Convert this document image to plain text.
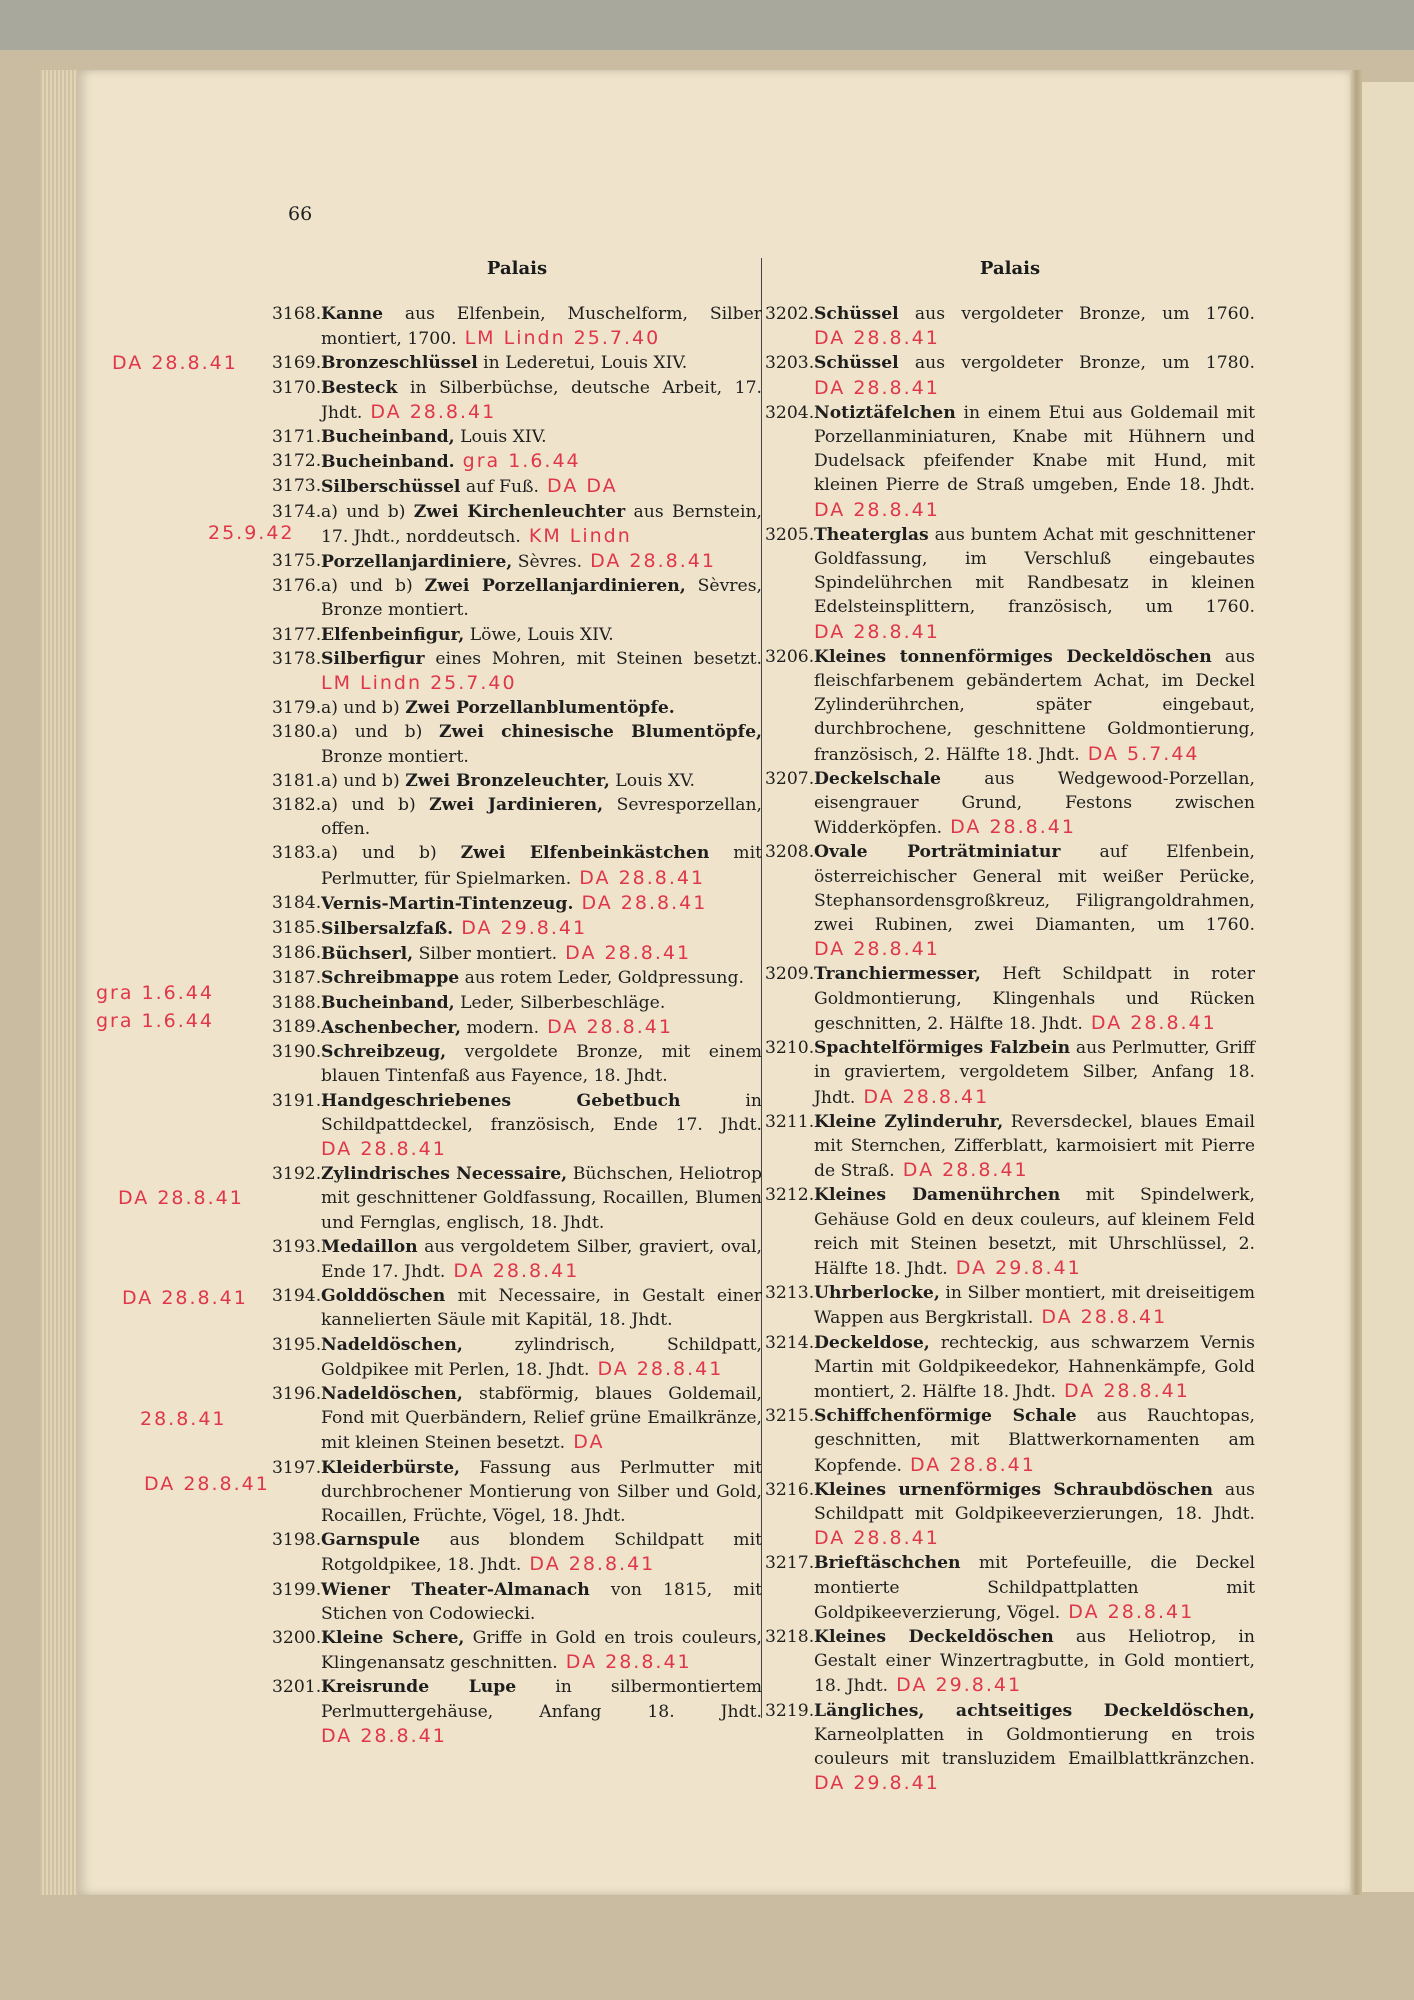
66
Palais
3168. Kanne aus Elfenbein, Muschelform, Silber montiert, 1700. LM Lindn 25.7.40
3169. Bronzeschlüssel in Lederetui, Louis XIV.
3170. Besteck in Silberbüchse, deutsche Arbeit, 17. Jhdt. DA 28.8.41
3171. Bucheinband, Louis XIV.
3172. Bucheinband. gra 1.6.44
3173. Silberschüssel auf Fuß. DA DA
3174. a) und b) Zwei Kirchenleuchter aus Bernstein, 17. Jhdt., norddeutsch. KM Lindn
3175. Porzellanjardiniere, Sèvres. DA 28.8.41
3176. a) und b) Zwei Porzellanjardinieren, Sèvres, Bronze montiert.
3177. Elfenbeinfigur, Löwe, Louis XIV.
3178. Silberfigur eines Mohren, mit Steinen besetzt. LM Lindn 25.7.40
3179. a) und b) Zwei Porzellanblumentöpfe.
3180. a) und b) Zwei chinesische Blumentöpfe, Bronze montiert.
3181. a) und b) Zwei Bronzeleuchter, Louis XV.
3182. a) und b) Zwei Jardinieren, Sevresporzellan, offen.
3183. a) und b) Zwei Elfenbeinkästchen mit Perlmutter, für Spielmarken. DA 28.8.41
3184. Vernis-Martin-Tintenzeug. DA 28.8.41
3185. Silbersalzfaß. DA 29.8.41
3186. Büchserl, Silber montiert. DA 28.8.41
3187. Schreibmappe aus rotem Leder, Goldpressung.
3188. Bucheinband, Leder, Silberbeschläge.
3189. Aschenbecher, modern. DA 28.8.41
3190. Schreibzeug, vergoldete Bronze, mit einem blauen Tintenfaß aus Fayence, 18. Jhdt.
3191. Handgeschriebenes Gebetbuch in Schildpattdeckel, französisch, Ende 17. Jhdt. DA 28.8.41
3192. Zylindrisches Necessaire, Büchschen, Heliotrop mit geschnittener Goldfassung, Rocaillen, Blumen und Fernglas, englisch, 18. Jhdt.
3193. Medaillon aus vergoldetem Silber, graviert, oval, Ende 17. Jhdt. DA 28.8.41
3194. Golddöschen mit Necessaire, in Gestalt einer kannelierten Säule mit Kapitäl, 18. Jhdt.
3195. Nadeldöschen, zylindrisch, Schildpatt, Goldpikee mit Perlen, 18. Jhdt. DA 28.8.41
3196. Nadeldöschen, stabförmig, blaues Goldemail, Fond mit Querbändern, Relief grüne Emailkränze, mit kleinen Steinen besetzt. DA
3197. Kleiderbürste, Fassung aus Perlmutter mit durchbrochener Montierung von Silber und Gold, Rocaillen, Früchte, Vögel, 18. Jhdt.
3198. Garnspule aus blondem Schildpatt mit Rotgoldpikee, 18. Jhdt. DA 28.8.41
3199. Wiener Theater-Almanach von 1815, mit Stichen von Codowiecki.
3200. Kleine Schere, Griffe in Gold en trois couleurs, Klingenansatz geschnitten. DA 28.8.41
3201. Kreisrunde Lupe in silbermontiertem Perlmuttergehäuse, Anfang 18. Jhdt. DA 28.8.41
Palais
3202. Schüssel aus vergoldeter Bronze, um 1760. DA 28.8.41
3203. Schüssel aus vergoldeter Bronze, um 1780. DA 28.8.41
3204. Notiztäfelchen in einem Etui aus Goldemail mit Porzellanminiaturen, Knabe mit Hühnern und Dudelsack pfeifender Knabe mit Hund, mit kleinen Pierre de Straß umgeben, Ende 18. Jhdt. DA 28.8.41
3205. Theaterglas aus buntem Achat mit geschnittener Goldfassung, im Verschluß eingebautes Spindelührchen mit Randbesatz in kleinen Edelsteinsplittern, französisch, um 1760. DA 28.8.41
3206. Kleines tonnenförmiges Deckeldöschen aus fleischfarbenem gebändertem Achat, im Deckel Zylinderührchen, später eingebaut, durchbrochene, geschnittene Goldmontierung, französisch, 2. Hälfte 18. Jhdt. DA 5.7.44
3207. Deckelschale aus Wedgewood-Porzellan, eisengrauer Grund, Festons zwischen Widderköpfen. DA 28.8.41
3208. Ovale Porträtminiatur auf Elfenbein, österreichischer General mit weißer Perücke, Stephansordensgroßkreuz, Filigrangoldrahmen, zwei Rubinen, zwei Diamanten, um 1760. DA 28.8.41
3209. Tranchiermesser, Heft Schildpatt in roter Goldmontierung, Klingenhals und Rücken geschnitten, 2. Hälfte 18. Jhdt. DA 28.8.41
3210. Spachtelförmiges Falzbein aus Perlmutter, Griff in graviertem, vergoldetem Silber, Anfang 18. Jhdt. DA 28.8.41
3211. Kleine Zylinderuhr, Reversdeckel, blaues Email mit Sternchen, Zifferblatt, karmoisiert mit Pierre de Straß. DA 28.8.41
3212. Kleines Damenührchen mit Spindelwerk, Gehäuse Gold en deux couleurs, auf kleinem Feld reich mit Steinen besetzt, mit Uhrschlüssel, 2. Hälfte 18. Jhdt. DA 29.8.41
3213. Uhrberlocke, in Silber montiert, mit dreiseitigem Wappen aus Bergkristall. DA 28.8.41
3214. Deckeldose, rechteckig, aus schwarzem Vernis Martin mit Goldpikeedekor, Hahnenkämpfe, Gold montiert, 2. Hälfte 18. Jhdt. DA 28.8.41
3215. Schiffchenförmige Schale aus Rauchtopas, geschnitten, mit Blattwerkornamenten am Kopfende. DA 28.8.41
3216. Kleines urnenförmiges Schraubdöschen aus Schildpatt mit Goldpikeeverzierungen, 18. Jhdt. DA 28.8.41
3217. Brieftäschchen mit Portefeuille, die Deckel montierte Schildpattplatten mit Goldpikeeverzierung, Vögel. DA 28.8.41
3218. Kleines Deckeldöschen aus Heliotrop, in Gestalt einer Winzertragbutte, in Gold montiert, 18. Jhdt. DA 29.8.41
3219. Längliches, achtseitiges Deckeldöschen, Karneolplatten in Goldmontierung en trois couleurs mit transluzidem Emailblattkränzchen. DA 29.8.41
DA 28.8.41
25.9.42
gra 1.6.44
gra 1.6.44
DA 28.8.41
DA 28.8.41
28.8.41
DA 28.8.41
